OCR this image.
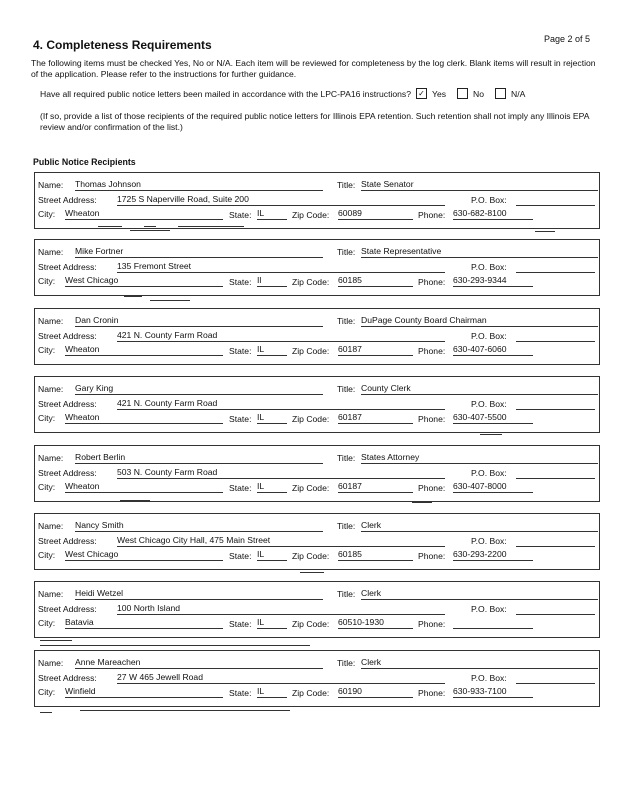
Page 2 of 5
4. Completeness Requirements
The following items must be checked Yes, No or N/A. Each item will be reviewed for completeness by the log clerk. Blank items will result in rejection of the application. Please refer to the instructions for further guidance.
Have all required public notice letters been mailed in accordance with the LPC-PA16 instructions? ✓ Yes	No	N/A
(If so, provide a list of those recipients of the required public notice letters for Illinois EPA retention. Such retention shall not imply any Illinois EPA review and/or confirmation of the list.)
Public Notice Recipients
Name: Thomas Johnson	Title: State Senator
Street Address: 1725 S Naperville Road, Suite 200	P.O. Box:
City: Wheaton	State: IL	Zip Code: 60089	Phone: 630-682-8100
Name: Mike Fortner	Title: State Representative
Street Address: 135 Fremont Street	P.O. Box:
City: West Chicago	State: Il	Zip Code: 60185	Phone: 630-293-9344
Name: Dan Cronin	Title: DuPage County Board Chairman
Street Address: 421 N. County Farm Road	P.O. Box:
City: Wheaton	State: IL	Zip Code: 60187	Phone: 630-407-6060
Name: Gary King	Title: County Clerk
Street Address: 421 N. County Farm Road	P.O. Box:
City: Wheaton	State: IL	Zip Code: 60187	Phone: 630-407-5500
Name: Robert Berlin	Title: States Attorney
Street Address: 503 N. County Farm Road	P.O. Box:
City: Wheaton	State: IL	Zip Code: 60187	Phone: 630-407-8000
Name: Nancy Smith	Title: Clerk
Street Address: West Chicago City Hall, 475 Main Street	P.O. Box:
City: West Chicago	State: IL	Zip Code: 60185	Phone: 630-293-2200
Name: Heidi Wetzel	Title: Clerk
Street Address: 100 North Island	P.O. Box:
City: Batavia	State: IL	Zip Code: 60510-1930	Phone:
Name: Anne Mareachen	Title: Clerk
Street Address: 27 W 465 Jewell Road	P.O. Box:
City: Winfield	State: IL	Zip Code: 60190	Phone: 630-933-7100
